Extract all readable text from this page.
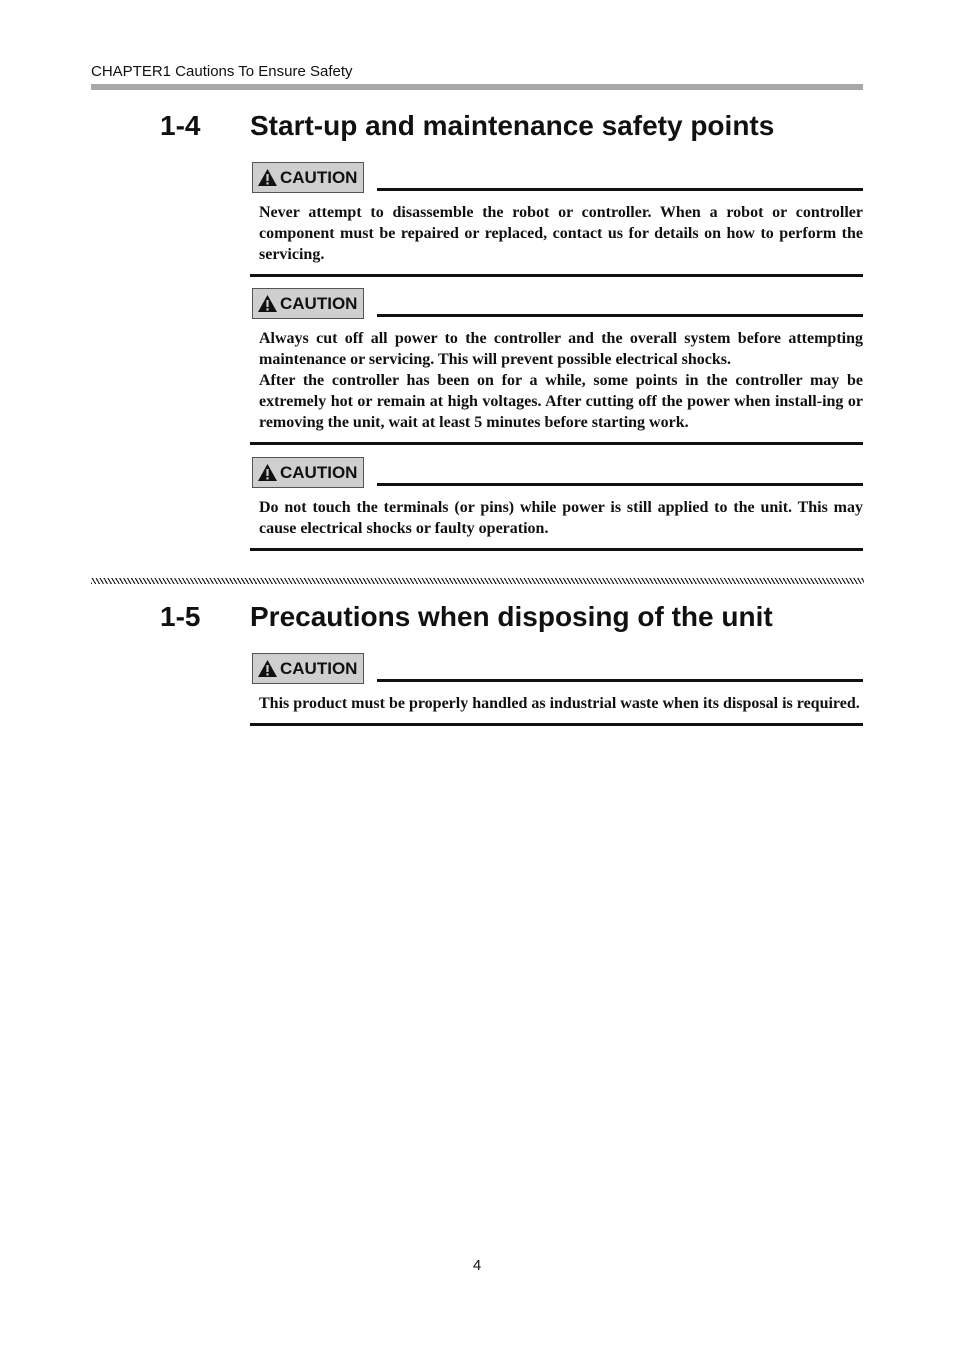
CHAPTER1 Cautions To Ensure Safety
1-4 Start-up and maintenance safety points
CAUTION

Never attempt to disassemble the robot or controller. When a robot or controller component must be repaired or replaced, contact us for details on how to perform the servicing.

CAUTION

Always cut off all power to the controller and the overall system before attempting maintenance or servicing. This will prevent possible electrical shocks.

After the controller has been on for a while, some points in the controller may be extremely hot or remain at high voltages. After cutting off the power when install-ing or removing the unit, wait at least 5 minutes before starting work.

CAUTION

Do not touch the terminals (or pins) while power is still applied to the unit. This may cause electrical shocks or faulty operation.

1-5 Precautions when disposing of the unit
CAUTION

This product must be properly handled as industrial waste when its disposal is required.

4
